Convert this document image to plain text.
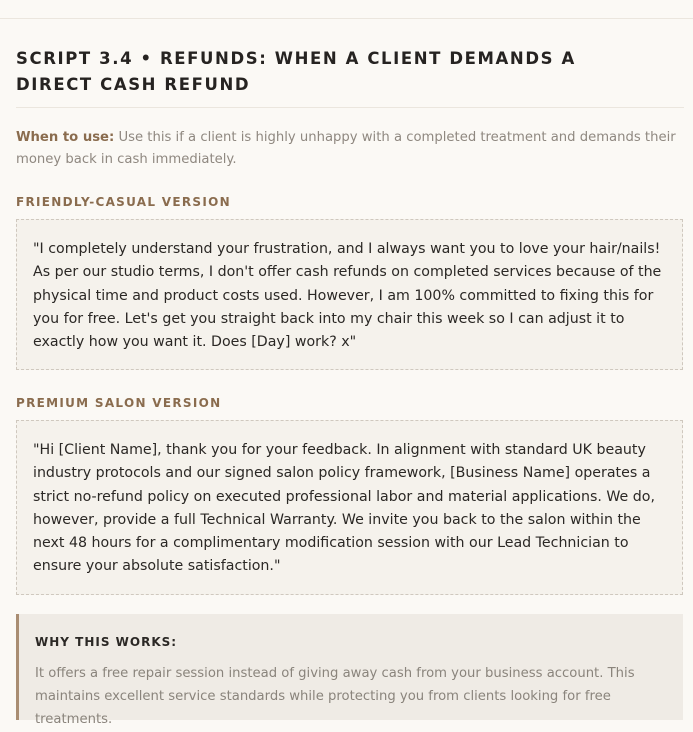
SCRIPT 3.4 • REFUNDS: WHEN A CLIENT DEMANDS A DIRECT CASH REFUND

When to use: Use this if a client is highly unhappy with a completed treatment and demands their money back in cash immediately.

FRIENDLY-CASUAL VERSION

"I completely understand your frustration, and I always want you to love your hair/nails! As per our studio terms, I don't offer cash refunds on completed services because of the physical time and product costs used. However, I am 100% committed to fixing this for you for free. Let's get you straight back into my chair this week so I can adjust it to exactly how you want it. Does [Day] work? x"

PREMIUM SALON VERSION

"Hi [Client Name], thank you for your feedback. In alignment with standard UK beauty industry protocols and our signed salon policy framework, [Business Name] operates a strict no-refund policy on executed professional labor and material applications. We do, however, provide a full Technical Warranty. We invite you back to the salon within the next 48 hours for a complimentary modification session with our Lead Technician to ensure your absolute satisfaction."

WHY THIS WORKS:

It offers a free repair session instead of giving away cash from your business account. This maintains excellent service standards while protecting you from clients looking for free treatments.
